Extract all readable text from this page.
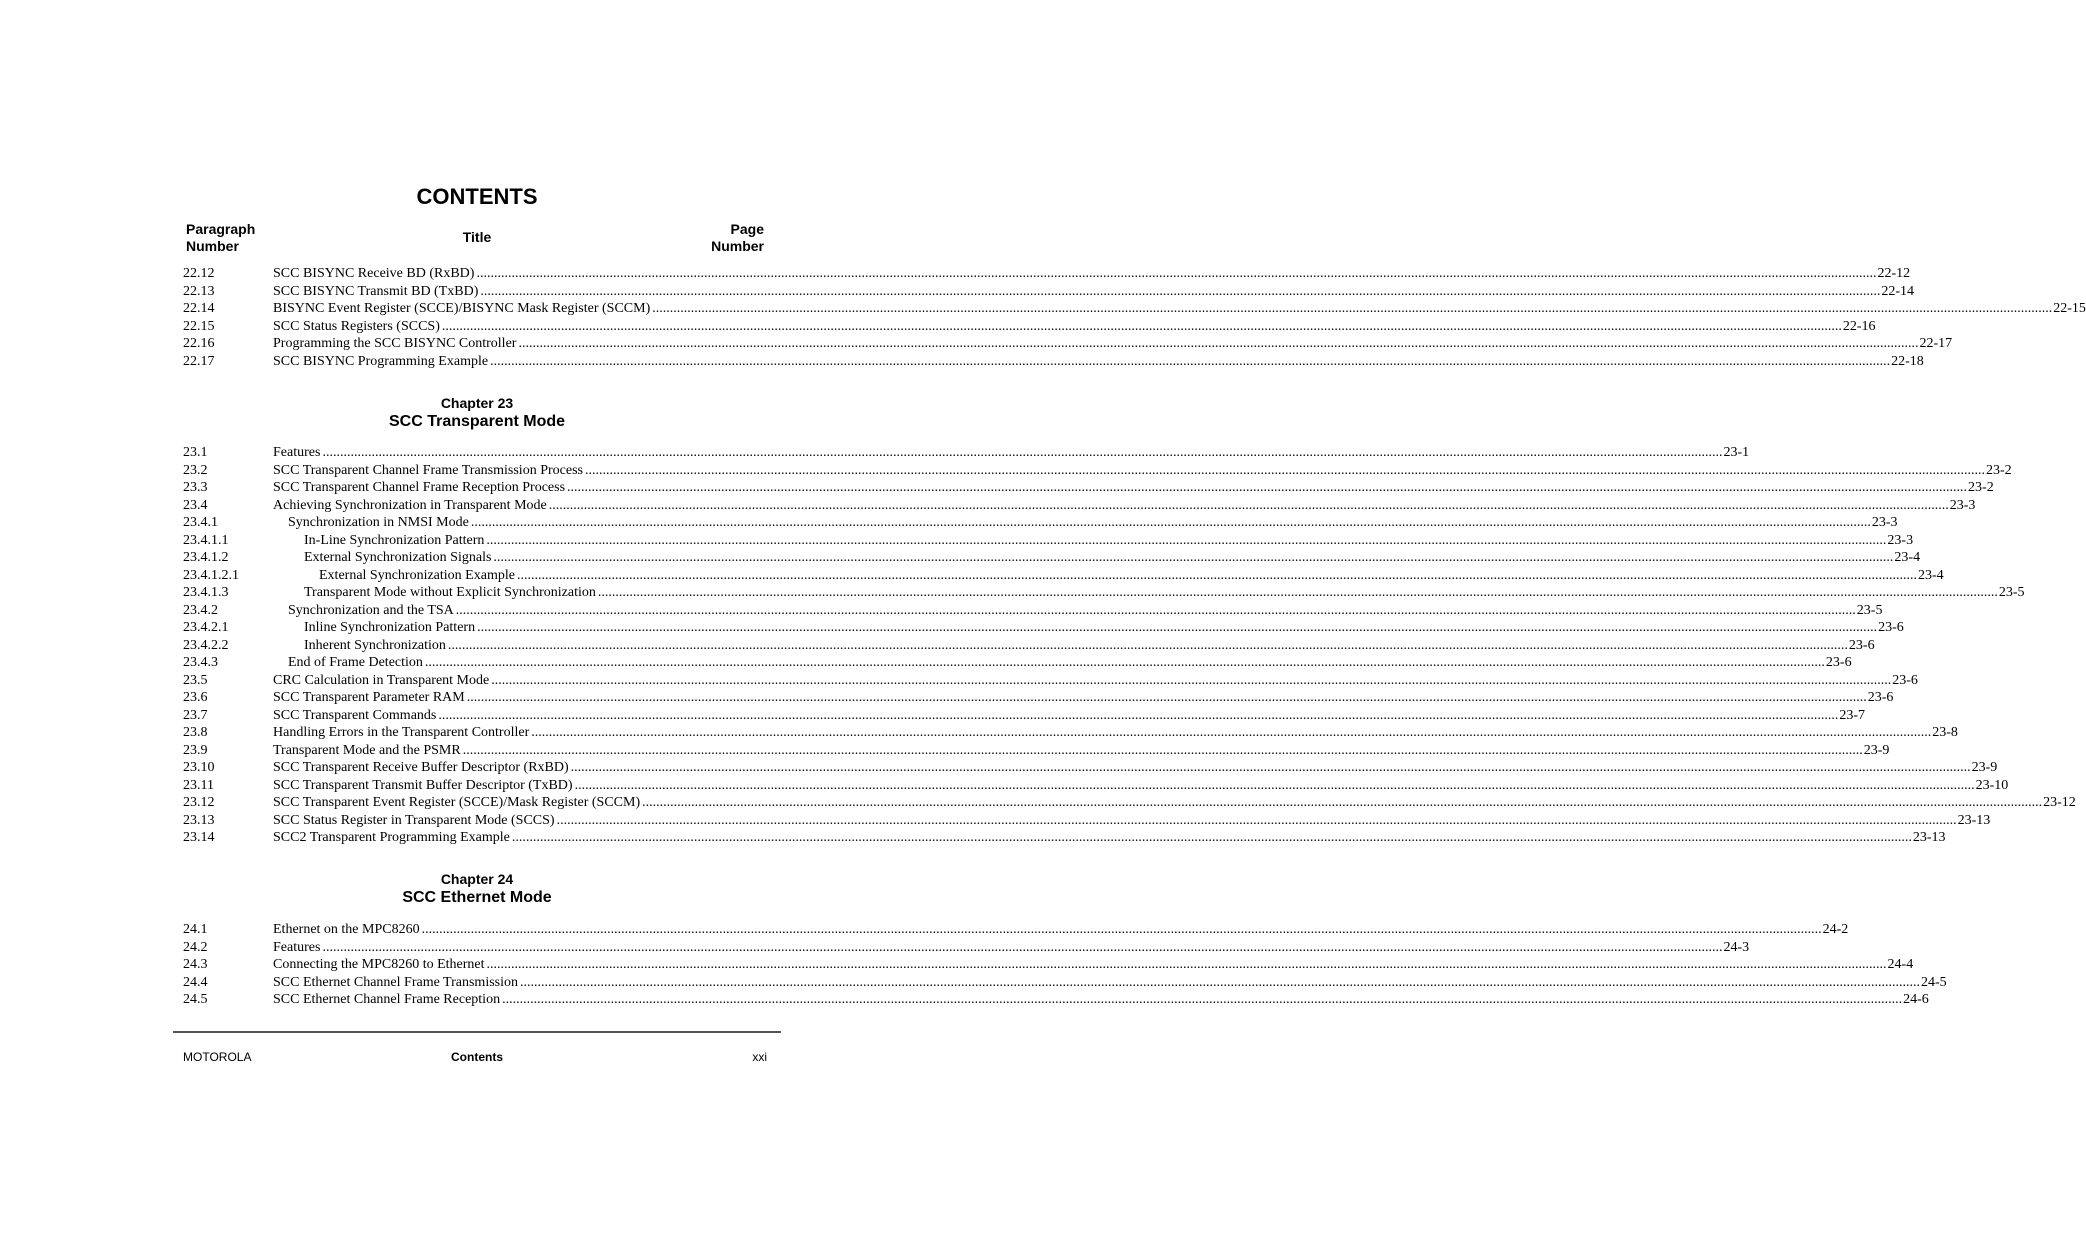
CONTENTS
Paragraph
Number
Title	Page
Number
22.12	SCC BISYNC Receive BD (RxBD) ................................................................................................................................................................................................................................................................................................................................................................................................................ 22-12
22.13	SCC BISYNC Transmit BD (TxBD) ................................................................................................................................................................................................................................................................................................................................................................................................................ 22-14
22.14	BISYNC Event Register (SCCE)/BISYNC Mask Register (SCCM) ................................................................................................................................................................................................................................................................................................................................................................................................................ 22-15
22.15	SCC Status Registers (SCCS) ................................................................................................................................................................................................................................................................................................................................................................................................................ 22-16
22.16	Programming the SCC BISYNC Controller ................................................................................................................................................................................................................................................................................................................................................................................................................ 22-17
22.17	SCC BISYNC Programming Example ................................................................................................................................................................................................................................................................................................................................................................................................................ 22-18
Chapter 23
SCC Transparent Mode
23.1	Features ................................................................................................................................................................................................................................................................................................................................................................................................................ 23-1
23.2	SCC Transparent Channel Frame Transmission Process ................................................................................................................................................................................................................................................................................................................................................................................................................ 23-2
23.3	SCC Transparent Channel Frame Reception Process ................................................................................................................................................................................................................................................................................................................................................................................................................ 23-2
23.4	Achieving Synchronization in Transparent Mode ................................................................................................................................................................................................................................................................................................................................................................................................................ 23-3
23.4.1	Synchronization in NMSI Mode ................................................................................................................................................................................................................................................................................................................................................................................................................ 23-3
23.4.1.1	In-Line Synchronization Pattern ................................................................................................................................................................................................................................................................................................................................................................................................................ 23-3
23.4.1.2	External Synchronization Signals ................................................................................................................................................................................................................................................................................................................................................................................................................ 23-4
23.4.1.2.1	External Synchronization Example ................................................................................................................................................................................................................................................................................................................................................................................................................ 23-4
23.4.1.3	Transparent Mode without Explicit Synchronization ................................................................................................................................................................................................................................................................................................................................................................................................................ 23-5
23.4.2	Synchronization and the TSA ................................................................................................................................................................................................................................................................................................................................................................................................................ 23-5
23.4.2.1	Inline Synchronization Pattern ................................................................................................................................................................................................................................................................................................................................................................................................................ 23-6
23.4.2.2	Inherent Synchronization ................................................................................................................................................................................................................................................................................................................................................................................................................ 23-6
23.4.3	End of Frame Detection ................................................................................................................................................................................................................................................................................................................................................................................................................ 23-6
23.5	CRC Calculation in Transparent Mode ................................................................................................................................................................................................................................................................................................................................................................................................................ 23-6
23.6	SCC Transparent Parameter RAM ................................................................................................................................................................................................................................................................................................................................................................................................................ 23-6
23.7	SCC Transparent Commands ................................................................................................................................................................................................................................................................................................................................................................................................................ 23-7
23.8	Handling Errors in the Transparent Controller ................................................................................................................................................................................................................................................................................................................................................................................................................ 23-8
23.9	Transparent Mode and the PSMR ................................................................................................................................................................................................................................................................................................................................................................................................................ 23-9
23.10	SCC Transparent Receive Buffer Descriptor (RxBD) ................................................................................................................................................................................................................................................................................................................................................................................................................ 23-9
23.11	SCC Transparent Transmit Buffer Descriptor (TxBD) ................................................................................................................................................................................................................................................................................................................................................................................................................ 23-10
23.12	SCC Transparent Event Register (SCCE)/Mask Register (SCCM) ................................................................................................................................................................................................................................................................................................................................................................................................................ 23-12
23.13	SCC Status Register in Transparent Mode (SCCS) ................................................................................................................................................................................................................................................................................................................................................................................................................ 23-13
23.14	SCC2 Transparent Programming Example ................................................................................................................................................................................................................................................................................................................................................................................................................ 23-13
Chapter 24
SCC Ethernet Mode
24.1	Ethernet on the MPC8260 ................................................................................................................................................................................................................................................................................................................................................................................................................ 24-2
24.2	Features ................................................................................................................................................................................................................................................................................................................................................................................................................ 24-3
24.3	Connecting the MPC8260 to Ethernet ................................................................................................................................................................................................................................................................................................................................................................................................................ 24-4
24.4	SCC Ethernet Channel Frame Transmission ................................................................................................................................................................................................................................................................................................................................................................................................................ 24-5
24.5	SCC Ethernet Channel Frame Reception ................................................................................................................................................................................................................................................................................................................................................................................................................ 24-6
MOTOROLA	Contents	xxi
